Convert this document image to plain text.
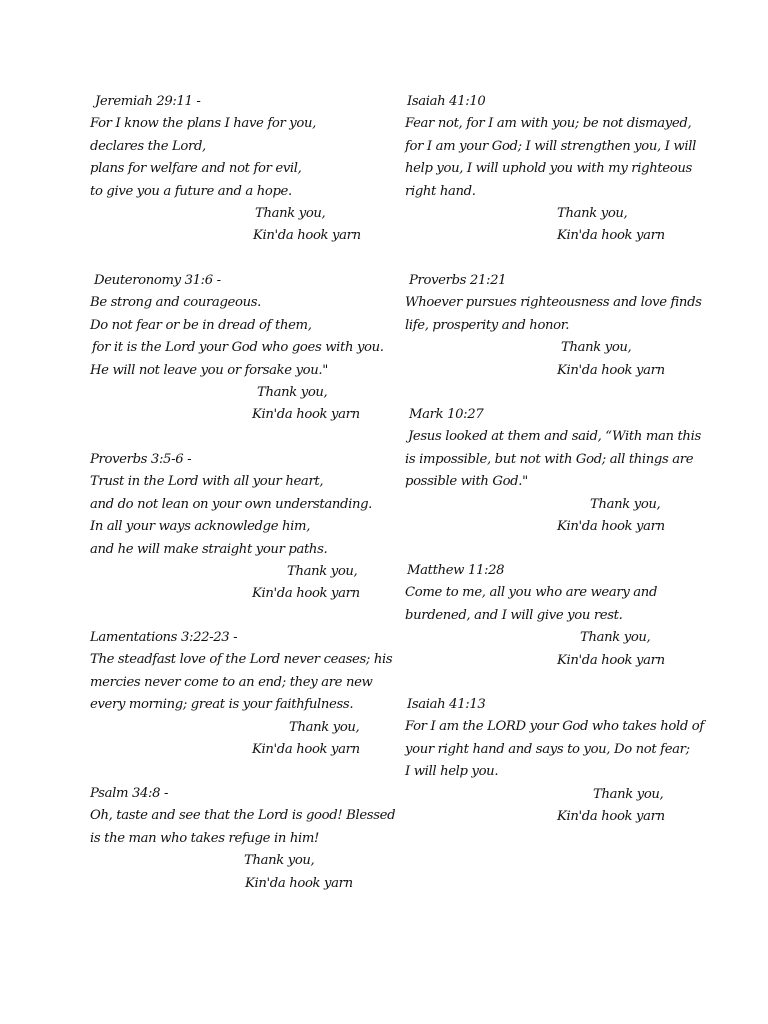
Jeremiah 29:11 -
For I know the plans I have for you,
declares the Lord,
plans for welfare and not for evil,
to give you a future and a hope.
Thank you,
Kin'da hook yarn
Deuteronomy 31:6 -
Be strong and courageous.
Do not fear or be in dread of them,
for it is the Lord your God who goes with you.
He will not leave you or forsake you."
Thank you,
Kin'da hook yarn
Proverbs 3:5-6 -
Trust in the Lord with all your heart,
and do not lean on your own understanding.
In all your ways acknowledge him,
and he will make straight your paths.
Thank you,
Kin'da hook yarn
Lamentations 3:22-23 -
The steadfast love of the Lord never ceases; his
mercies never come to an end; they are new
every morning; great is your faithfulness.
Thank you,
Kin'da hook yarn
Psalm 34:8 -
Oh, taste and see that the Lord is good! Blessed
is the man who takes refuge in him!
Thank you,
Kin'da hook yarn
Isaiah 41:10
Fear not, for I am with you; be not dismayed,
for I am your God; I will strengthen you, I will
help you, I will uphold you with my righteous
right hand.
Thank you,
Kin'da hook yarn
Proverbs 21:21
Whoever pursues righteousness and love finds
life, prosperity and honor.
Thank you,
Kin'da hook yarn
Mark 10:27
Jesus looked at them and said, “With man this
is impossible, but not with God; all things are
possible with God."
Thank you,
Kin'da hook yarn
Matthew 11:28
Come to me, all you who are weary and
burdened, and I will give you rest.
Thank you,
Kin'da hook yarn
Isaiah 41:13
For I am the LORD your God who takes hold of
your right hand and says to you, Do not fear;
I will help you.
Thank you,
Kin'da hook yarn
